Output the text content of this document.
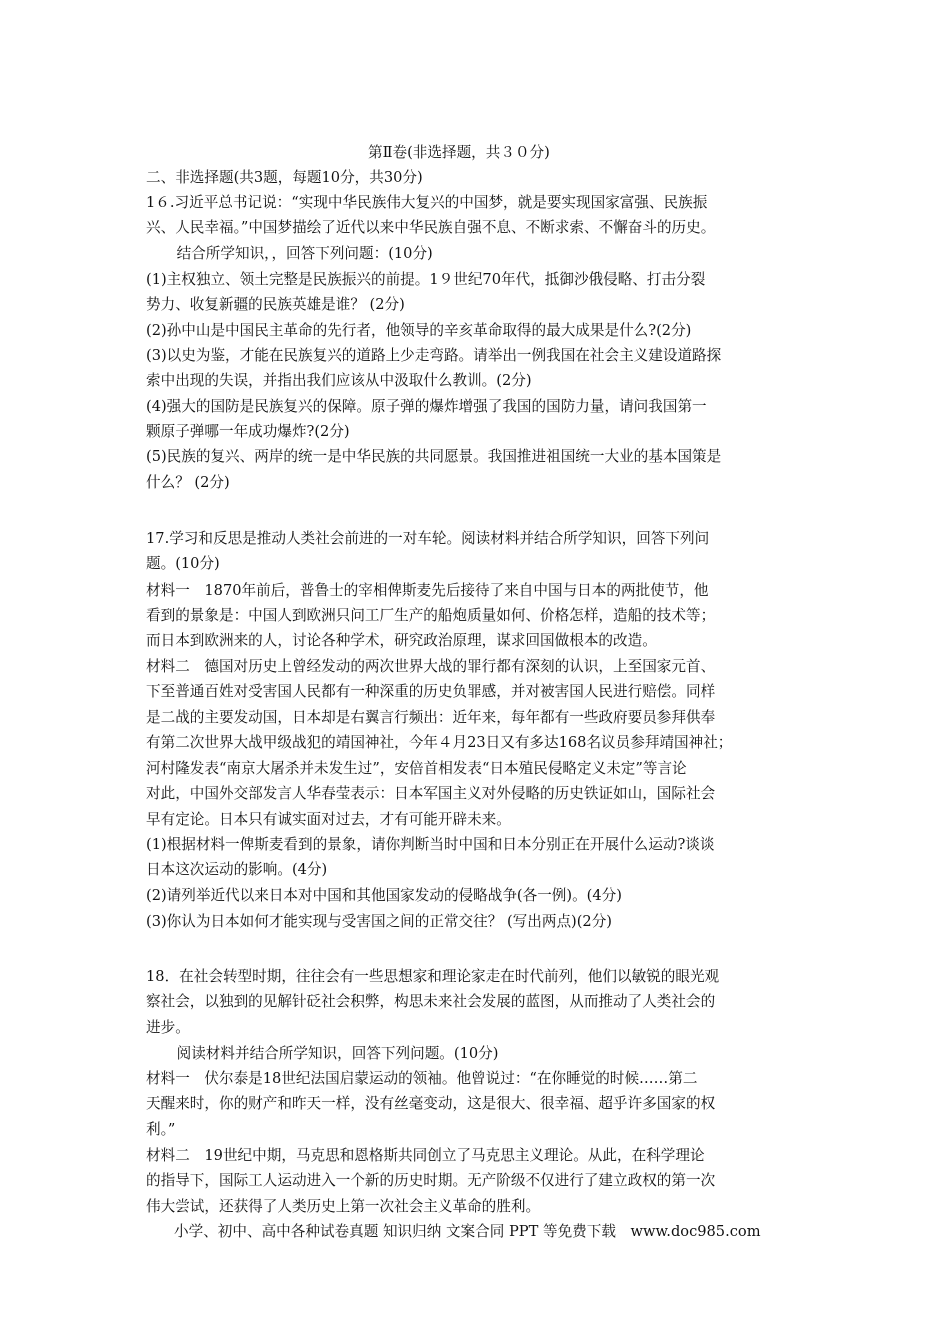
第Ⅱ卷(非选择题，共３０分)
二、非选择题(共3题，每题10分，共30分)
1６.习近平总书记说：“实现中华民族伟大复兴的中国梦，就是要实现国家富强、民族振
兴、人民幸福。”中国梦描绘了近代以来中华民族自强不息、不断求索、不懈奋斗的历史。
　结合所学知识，，回答下列问题：(10分)
(1)主权独立、领土完整是民族振兴的前提。1９世纪70年代，抵御沙俄侵略、打击分裂
势力、收复新疆的民族英雄是谁？ (2分)
(2)孙中山是中国民主革命的先行者，他领导的辛亥革命取得的最大成果是什么?(2分)
(3)以史为鉴，才能在民族复兴的道路上少走弯路。请举出一例我国在社会主义建设道路探
索中出现的失误，并指出我们应该从中汲取什么教训。(2分)
(4)强大的国防是民族复兴的保障。原子弹的爆炸增强了我国的国防力量，请问我国第一
颗原子弹哪一年成功爆炸?(2分)
(5)民族的复兴、两岸的统一是中华民族的共同愿景。我国推进祖国统一大业的基本国策是
什么？ (2分)
17.学习和反思是推动人类社会前进的一对车轮。阅读材料并结合所学知识，回答下列问
题。(10分)
材料一　1870年前后，普鲁士的宰相俾斯麦先后接待了来自中国与日本的两批使节，他
看到的景象是：中国人到欧洲只问工厂生产的船炮质量如何、价格怎样，造船的技术等；
而日本到欧洲来的人，讨论各种学术，研究政治原理，谋求回国做根本的改造。
材料二　德国对历史上曾经发动的两次世界大战的罪行都有深刻的认识，上至国家元首、
下至普通百姓对受害国人民都有一种深重的历史负罪感，并对被害国人民进行赔偿。同样
是二战的主要发动国，日本却是右翼言行频出：近年来，每年都有一些政府要员参拜供奉
有第二次世界大战甲级战犯的靖国神社，今年４月23日又有多达168名议员参拜靖国神社；
河村隆发表“南京大屠杀并未发生过”，安倍首相发表“日本殖民侵略定义未定”等言论
对此，中国外交部发言人华春莹表示：日本军国主义对外侵略的历史铁证如山，国际社会
早有定论。日本只有诚实面对过去，才有可能开辟未来。
(1)根据材料一俾斯麦看到的景象，请你判断当时中国和日本分别正在开展什么运动?谈谈
日本这次运动的影响。(4分)
(2)请列举近代以来日本对中国和其他国家发动的侵略战争(各一例)。(4分)
(3)你认为日本如何才能实现与受害国之间的正常交往？ (写出两点)(2分)
18．在社会转型时期，往往会有一些思想家和理论家走在时代前列，他们以敏锐的眼光观
察社会，以独到的见解针砭社会积弊，构思未来社会发展的蓝图，从而推动了人类社会的
进步。
　阅读材料并结合所学知识，回答下列问题。(10分)
材料一　伏尔泰是18世纪法国启蒙运动的领袖。他曾说过：“在你睡觉的时候……第二
天醒来时，你的财产和昨天一样，没有丝毫变动，这是很大、很幸福、超乎许多国家的权
利。”
材料二　19世纪中期，马克思和恩格斯共同创立了马克思主义理论。从此，在科学理论
的指导下，国际工人运动进入一个新的历史时期。无产阶级不仅进行了建立政权的第一次
伟大尝试，还获得了人类历史上第一次社会主义革命的胜利。
小学、初中、高中各种试卷真题 知识归纳 文案合同 PPT 等免费下载　www.doc985.com
